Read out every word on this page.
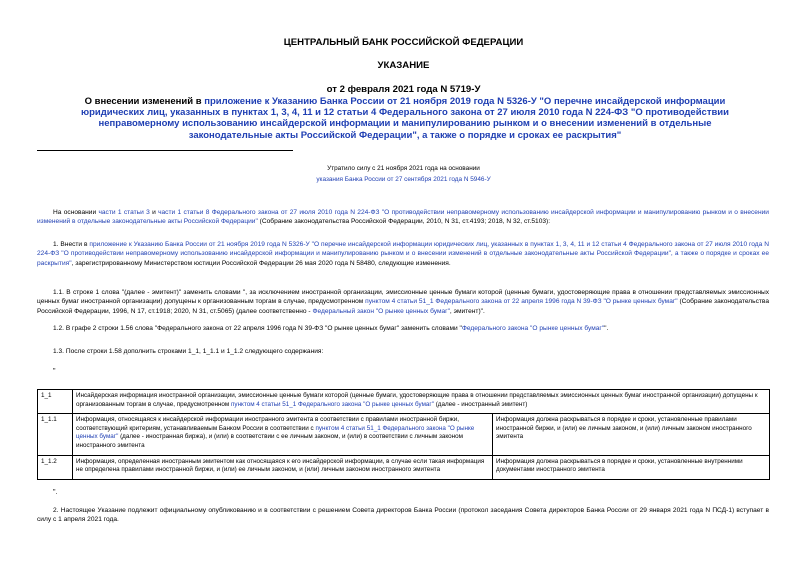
ЦЕНТРАЛЬНЫЙ БАНК РОССИЙСКОЙ ФЕДЕРАЦИИ
УКАЗАНИЕ
от 2 февраля 2021 года N 5719-У
О внесении изменений в приложение к Указанию Банка России от 21 ноября 2019 года N 5326-У "О перечне инсайдерской информации юридических лиц, указанных в пунктах 1, 3, 4, 11 и 12 статьи 4 Федерального закона от 27 июля 2010 года N 224-ФЗ "О противодействии неправомерному использованию инсайдерской информации и манипулированию рынком и о внесении изменений в отдельные законодательные акты Российской Федерации", а также о порядке и сроках ее раскрытия"
Утратило силу с 21 ноября 2021 года на основании
указания Банка России от 27 сентября 2021 года N 5946-У
На основании части 1 статьи 3 и части 1 статьи 8 Федерального закона от 27 июля 2010 года N 224-ФЗ "О противодействии неправомерному использованию инсайдерской информации и манипулированию рынком и о внесении изменений в отдельные законодательные акты Российской Федерации" (Собрание законодательства Российской Федерации, 2010, N 31, ст.4193; 2018, N 32, ст.5103):
1. Внести в приложение к Указанию Банка России от 21 ноября 2019 года N 5326-У "О перечне инсайдерской информации юридических лиц, указанных в пунктах 1, 3, 4, 11 и 12 статьи 4 Федерального закона от 27 июля 2010 года N 224-ФЗ "О противодействии неправомерному использованию инсайдерской информации и манипулированию рынком и о внесении изменений в отдельные законодательные акты Российской Федерации", а также о порядке и сроках ее раскрытия", зарегистрированному Министерством юстиции Российской Федерации 26 мая 2020 года N 58480, следующие изменения.
1.1. В строке 1 слова "(далее - эмитент)" заменить словами ", за исключением иностранной организации, эмиссионные ценные бумаги которой (ценные бумаги, удостоверяющие права в отношении представляемых эмиссионных ценных бумаг иностранной организации) допущены к организованным торгам в случае, предусмотренном пунктом 4 статьи 51_1 Федерального закона от 22 апреля 1996 года N 39-ФЗ "О рынке ценных бумаг" (Собрание законодательства Российской Федерации, 1996, N 17, ст.1918; 2020, N 31, ст.5065) (далее соответственно - Федеральный закон "О рынке ценных бумаг", эмитент)".
1.2. В графе 2 строки 1.56 слова "Федерального закона от 22 апреля 1996 года N 39-ФЗ "О рынке ценных бумаг" заменить словами "Федерального закона "О рынке ценных бумаг"".
1.3. После строки 1.58 дополнить строками 1_1, 1_1.1 и 1_1.2 следующего содержания:
"
1_1	Инсайдерская информация иностранной организации, эмиссионные ценные бумаги которой (ценные бумаги, удостоверяющие права в отношении представляемых эмиссионных ценных бумаг иностранной организации) допущены к организованным торгам в случае, предусмотренном пунктом 4 статьи 51_1 Федерального закона "О рынке ценных бумаг" (далее - иностранный эмитент)	
1_1.1	Информация, относящаяся к инсайдерской информации иностранного эмитента в соответствии с правилами иностранной биржи, соответствующий критериям, устанавливаемым Банком России в соответствии с пунктом 4 статьи 51_1 Федерального закона "О рынке ценных бумаг" (далее - иностранная биржа), и (или) в соответствии с ее личным законом, и (или) в соответствии с личным законом иностранного эмитента	Информация должна раскрываться в порядке и сроки, установленные правилами иностранной биржи, и (или) ее личным законом, и (или) личным законом иностранного эмитента
1_1.2	Информация, определенная иностранным эмитентом как относящаяся к его инсайдерской информации, в случае если такая информация не определена правилами иностранной биржи, и (или) ее личным законом, и (или) личным законом иностранного эмитента	Информация должна раскрываться в порядке и сроки, установленные внутренними документами иностранного эмитента
".
2. Настоящее Указание подлежит официальному опубликованию и в соответствии с решением Совета директоров Банка России (протокол заседания Совета директоров Банка России от 29 января 2021 года N ПСД-1) вступает в силу с 1 апреля 2021 года.
